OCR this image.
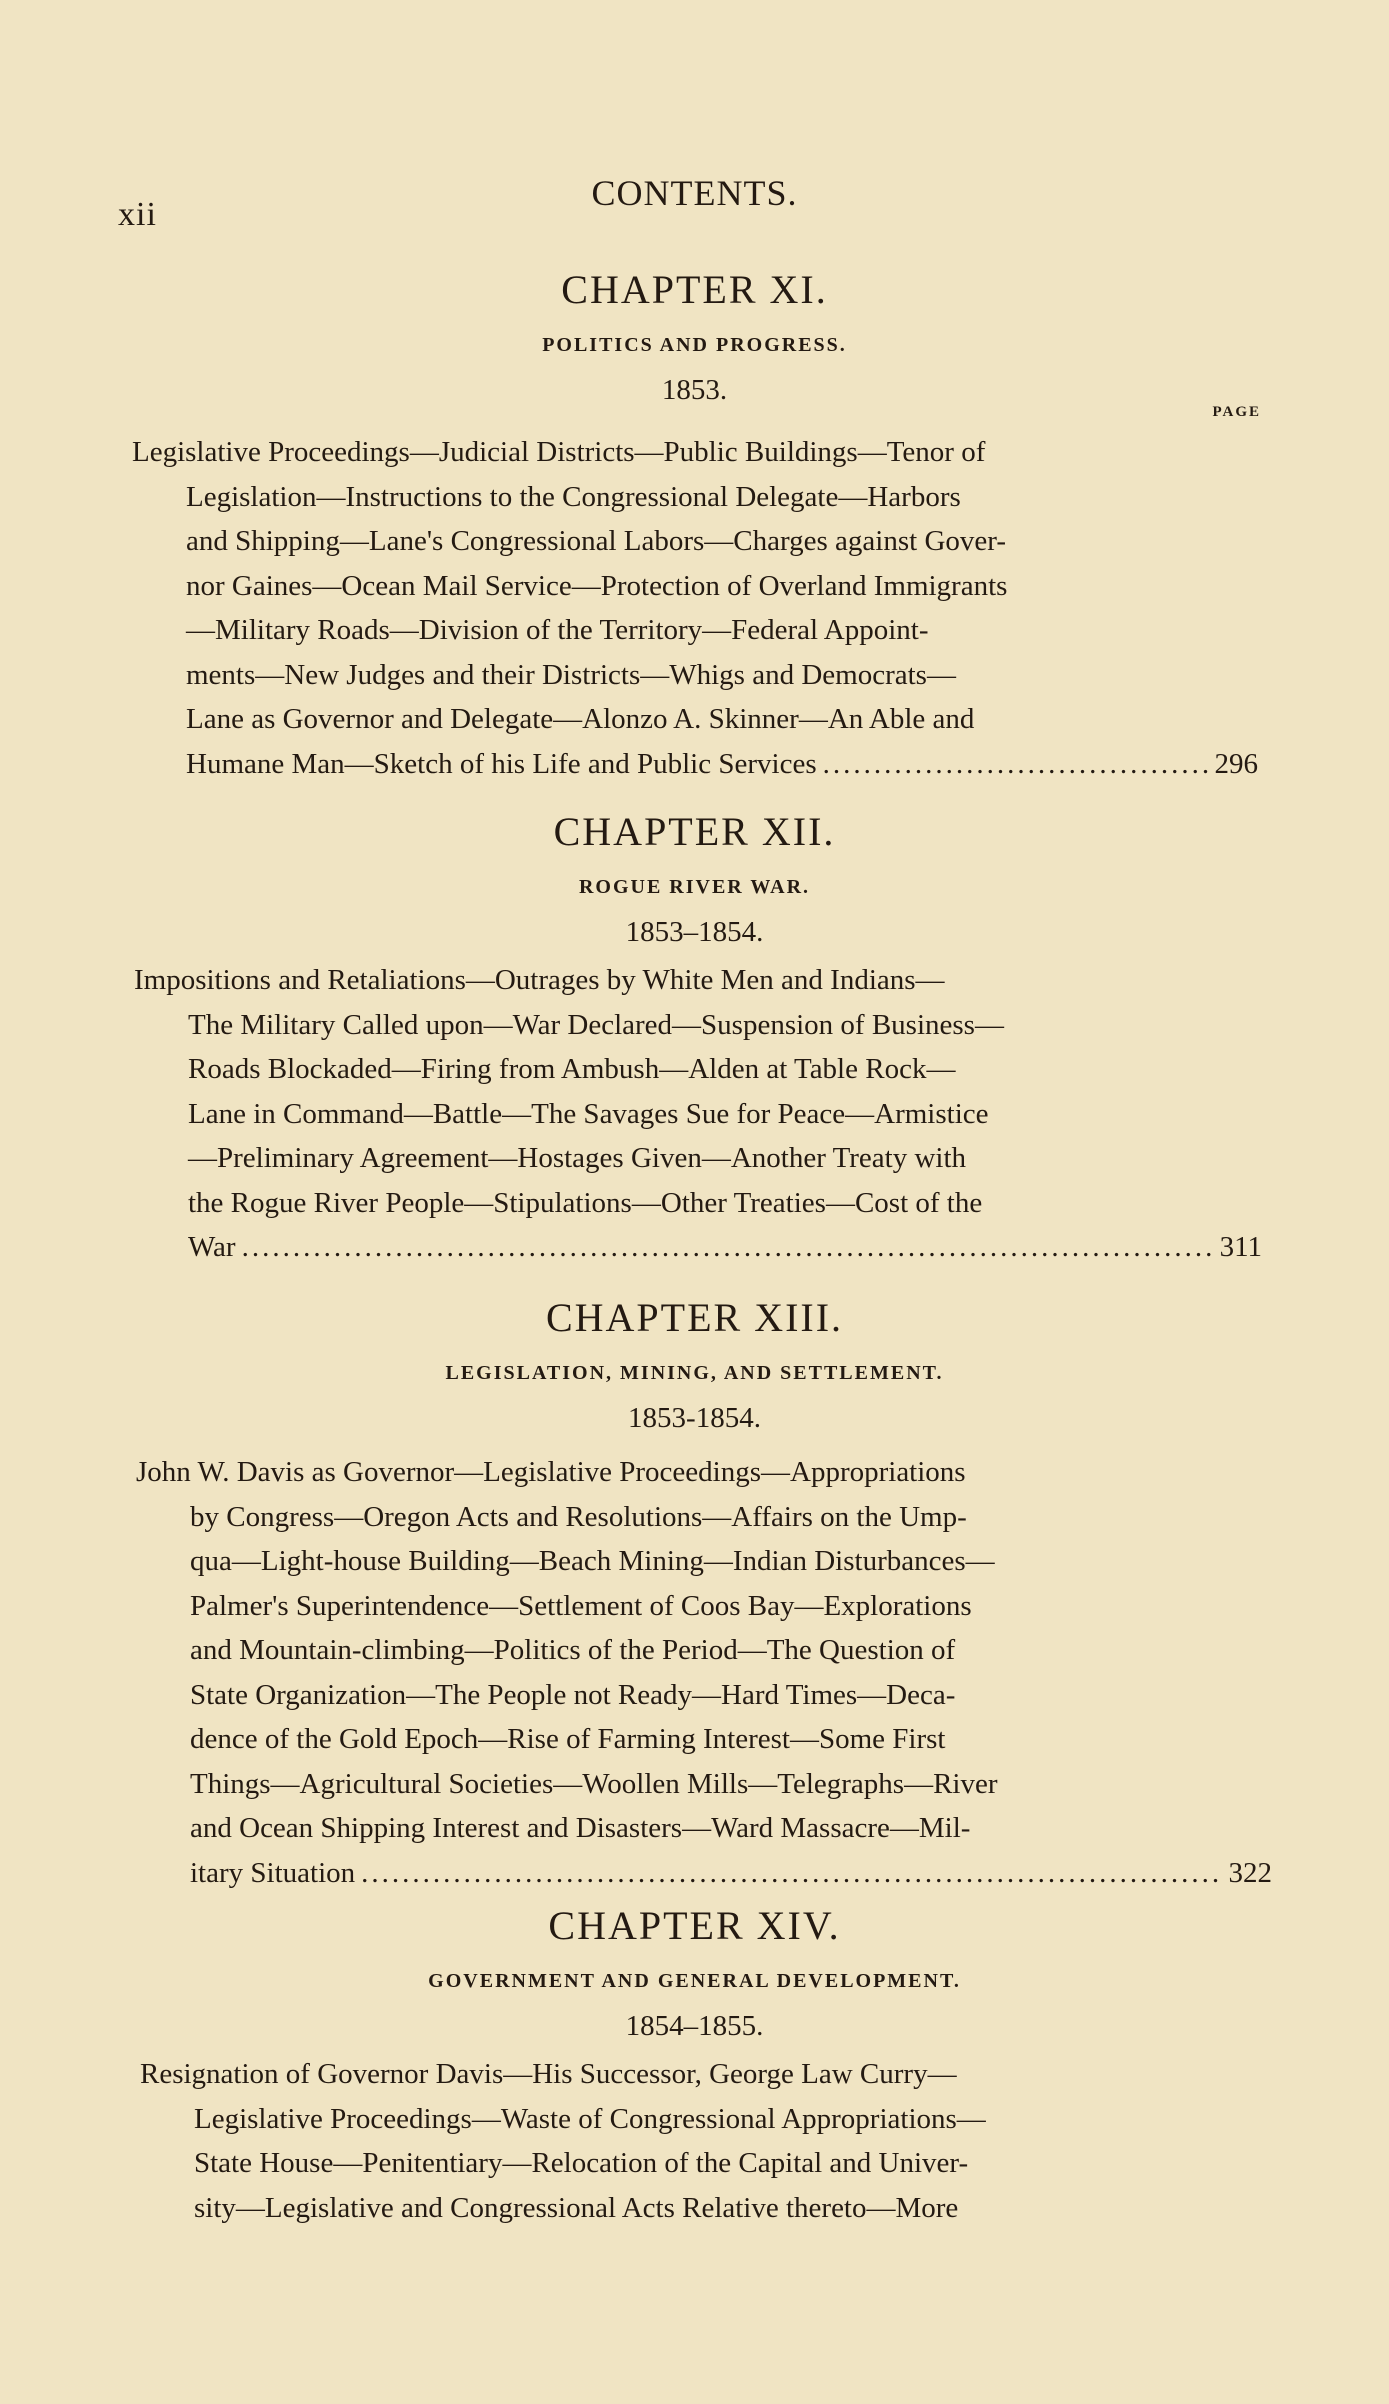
xii
CONTENTS.
CHAPTER XI.
POLITICS AND PROGRESS.
1853.
PAGE
Legislative Proceedings—Judicial Districts—Public Buildings—Tenor of
Legislation—Instructions to the Congressional Delegate—Harbors
and Shipping—Lane's Congressional Labors—Charges against Gover-
nor Gaines—Ocean Mail Service—Protection of Overland Immigrants
—Military Roads—Division of the Territory—Federal Appoint-
ments—New Judges and their Districts—Whigs and Democrats—
Lane as Governor and Delegate—Alonzo A. Skinner—An Able and
Humane Man—Sketch of his Life and Public Services .....	296
CHAPTER XII.
ROGUE RIVER WAR.
1853–1854.
Impositions and Retaliations—Outrages by White Men and Indians—
The Military Called upon—War Declared—Suspension of Business—
Roads Blockaded—Firing from Ambush—Alden at Table Rock—
Lane in Command—Battle—The Savages Sue for Peace—Armistice
—Preliminary Agreement—Hostages Given—Another Treaty with
the Rogue River People—Stipulations—Other Treaties—Cost of the
War .....	311
CHAPTER XIII.
LEGISLATION, MINING, AND SETTLEMENT.
1853-1854.
John W. Davis as Governor—Legislative Proceedings—Appropriations
by Congress—Oregon Acts and Resolutions—Affairs on the Ump-
qua—Light-house Building—Beach Mining—Indian Disturbances—
Palmer's Superintendence—Settlement of Coos Bay—Explorations
and Mountain-climbing—Politics of the Period—The Question of
State Organization—The People not Ready—Hard Times—Deca-
dence of the Gold Epoch—Rise of Farming Interest—Some First
Things—Agricultural Societies—Woollen Mills—Telegraphs—River
and Ocean Shipping Interest and Disasters—Ward Massacre—Mil-
itary Situation .....	322
CHAPTER XIV.
GOVERNMENT AND GENERAL DEVELOPMENT.
1854–1855.
Resignation of Governor Davis—His Successor, George Law Curry—
Legislative Proceedings—Waste of Congressional Appropriations—
State House—Penitentiary—Relocation of the Capital and Univer-
sity—Legislative and Congressional Acts Relative thereto—More
